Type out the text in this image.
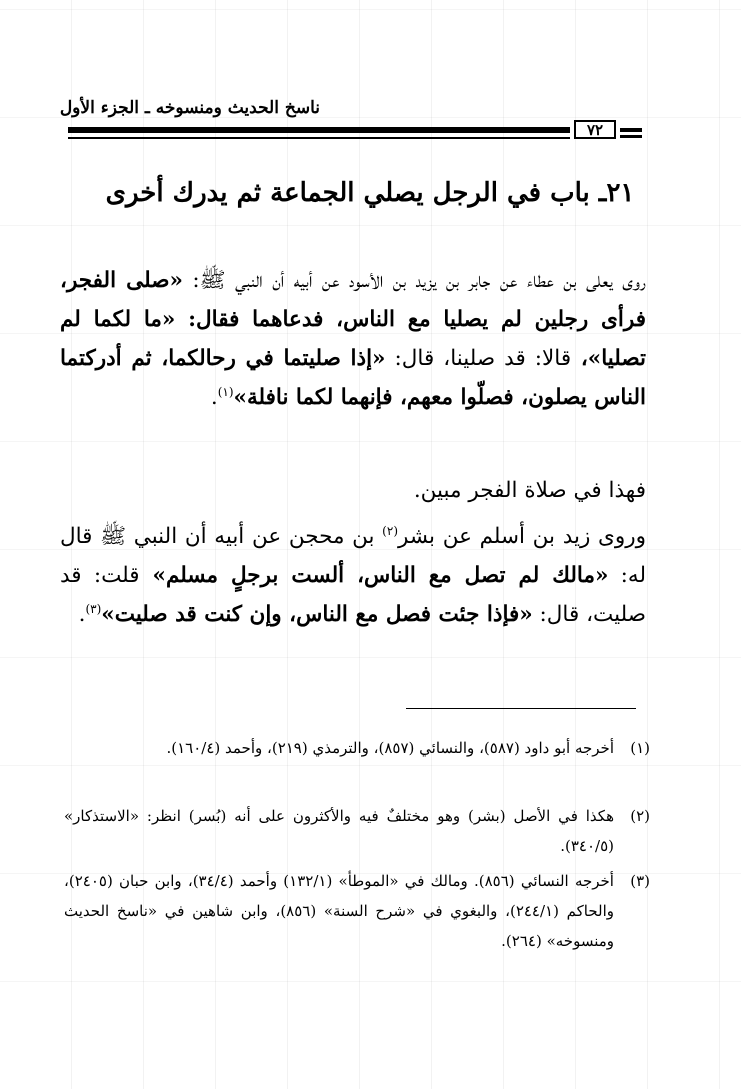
ناسخ الحديث ومنسوخه ـ الجزء الأول
٧٢
٢١ـ باب في الرجل يصلي الجماعة ثم يدرك أخرى
روى يعلى بن عطاء عن جابر بن يزيد بن الأسود عن أبيه أن النبي ﷺ: «صلى الفجر، فرأى رجلين لم يصليا مع الناس، فدعاهما فقال: «ما لكما لم تصليا»، قالا: قد صلينا، قال: «إذا صليتما في رحالكما، ثم أدركتما الناس يصلون، فصلّوا معهم، فإنهما لكما نافلة»$^{(١)}$.
فهذا في صلاة الفجر مبين.
وروى زيد بن أسلم عن بشر$^{(٢)}$ بن محجن عن أبيه أن النبي ﷺ قال له: «مالك لم تصل مع الناس، ألست برجلٍ مسلم» قلت: قد صليت، قال: «فإذا جئت فصل مع الناس، وإن كنت قد صليت»$^{(٣)}$.
(١)
أخرجه أبو داود (٥٨٧)، والنسائي (٨٥٧)، والترمذي (٢١٩)، وأحمد (١٦٠/٤).
(٢)
هكذا في الأصل (بشر) وهو مختلفٌ فيه والأكثرون على أنه (بُسر) انظر: «الاستذكار» (٣٤٠/٥).
(٣)
أخرجه النسائي (٨٥٦). ومالك في «الموطأ» (١٣٢/١) وأحمد (٣٤/٤)، وابن حبان (٢٤٠٥)، والحاكم (٢٤٤/١)، والبغوي في «شرح السنة» (٨٥٦)، وابن شاهين في «ناسخ الحديث ومنسوخه» (٢٦٤).
